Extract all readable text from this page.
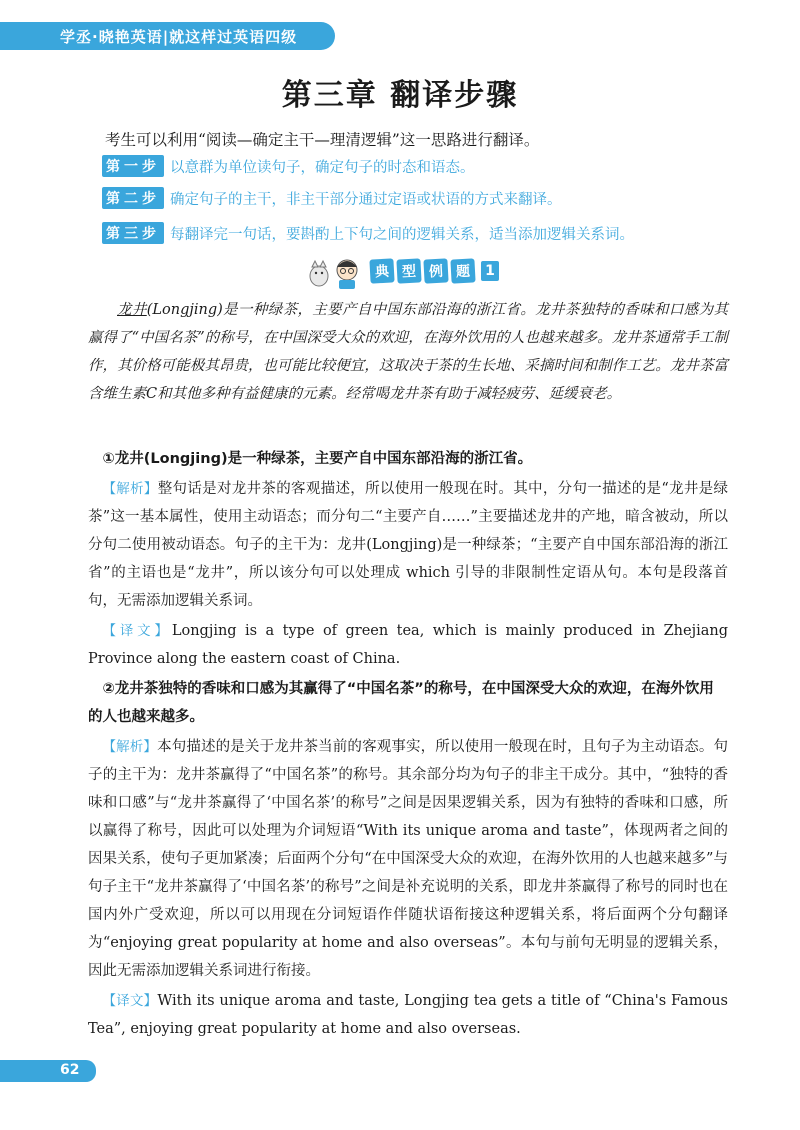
学丞·晓艳英语|就这样过英语四级
第三章 翻译步骤
考生可以利用“阅读—确定主干—理清逻辑”这一思路进行翻译。
第一步 以意群为单位读句子，确定句子的时态和语态。
第二步 确定句子的主干，非主干部分通过定语或状语的方式来翻译。
第三步 每翻译完一句话，要斟酌上下句之间的逻辑关系，适当添加逻辑关系词。
典 型 例 题	1
龙井(Longjing)是一种绿茶，主要产自中国东部沿海的浙江省。龙井茶独特的香味和口感为其赢得了“中国名茶”的称号，在中国深受大众的欢迎，在海外饮用的人也越来越多。龙井茶通常手工制作，其价格可能极其昂贵，也可能比较便宜，这取决于茶的生长地、采摘时间和制作工艺。龙井茶富含维生素C和其他多种有益健康的元素。经常喝龙井茶有助于减轻疲劳、延缓衰老。
①龙井(Longjing)是一种绿茶，主要产自中国东部沿海的浙江省。
【解析】整句话是对龙井茶的客观描述，所以使用一般现在时。其中，分句一描述的是“龙井是绿茶”这一基本属性，使用主动语态；而分句二“主要产自……”主要描述龙井的产地，暗含被动，所以分句二使用被动语态。句子的主干为：龙井(Longjing)是一种绿茶；“主要产自中国东部沿海的浙江省”的主语也是“龙井”，所以该分句可以处理成 which 引导的非限制性定语从句。本句是段落首句，无需添加逻辑关系词。
【译文】Longjing is a type of green tea, which is mainly produced in Zhejiang Province along the eastern coast of China.
②龙井茶独特的香味和口感为其赢得了“中国名茶”的称号，在中国深受大众的欢迎，在海外饮用的人也越来越多。
【解析】本句描述的是关于龙井茶当前的客观事实，所以使用一般现在时，且句子为主动语态。句子的主干为：龙井茶赢得了“中国名茶”的称号。其余部分均为句子的非主干成分。其中，“独特的香味和口感”与“龙井茶赢得了‘中国名茶’的称号”之间是因果逻辑关系，因为有独特的香味和口感，所以赢得了称号，因此可以处理为介词短语“With its unique aroma and taste”，体现两者之间的因果关系，使句子更加紧凑；后面两个分句“在中国深受大众的欢迎，在海外饮用的人也越来越多”与句子主干“龙井茶赢得了‘中国名茶’的称号”之间是补充说明的关系，即龙井茶赢得了称号的同时也在国内外广受欢迎，所以可以用现在分词短语作伴随状语衔接这种逻辑关系，将后面两个分句翻译为“enjoying great popularity at home and also overseas”。本句与前句无明显的逻辑关系，因此无需添加逻辑关系词进行衔接。
【译文】With its unique aroma and taste, Longjing tea gets a title of “China's Famous Tea”, enjoying great popularity at home and also overseas.
62
